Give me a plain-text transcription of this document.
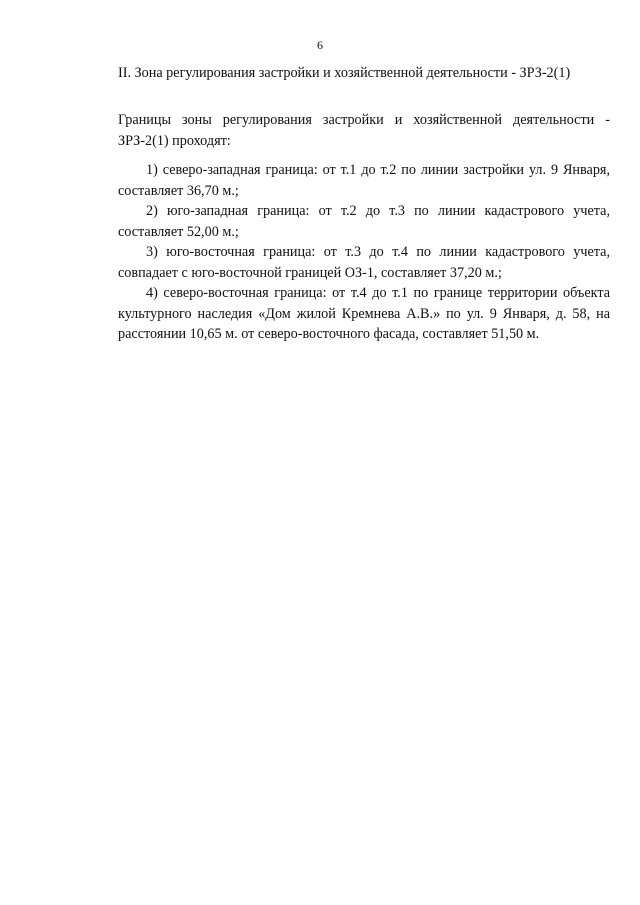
6
II. Зона регулирования застройки и хозяйственной деятельности - ЗРЗ-2(1)

Границы зоны регулирования застройки и хозяйственной деятельности - ЗРЗ-2(1) проходят:

1) северо-западная граница: от т.1 до т.2 по линии застройки ул. 9 Января, составляет 36,70 м.;

2) юго-западная граница: от т.2 до т.3 по линии кадастрового учета, составляет 52,00 м.;

3) юго-восточная граница: от т.3 до т.4 по линии кадастрового учета, совпадает с юго-восточной границей ОЗ-1, составляет 37,20 м.;

4) северо-восточная граница: от т.4 до т.1 по границе территории объекта культурного наследия «Дом жилой Кремнева А.В.» по ул. 9 Января, д. 58, на расстоянии 10,65 м. от северо-восточного фасада, составляет 51,50 м.
